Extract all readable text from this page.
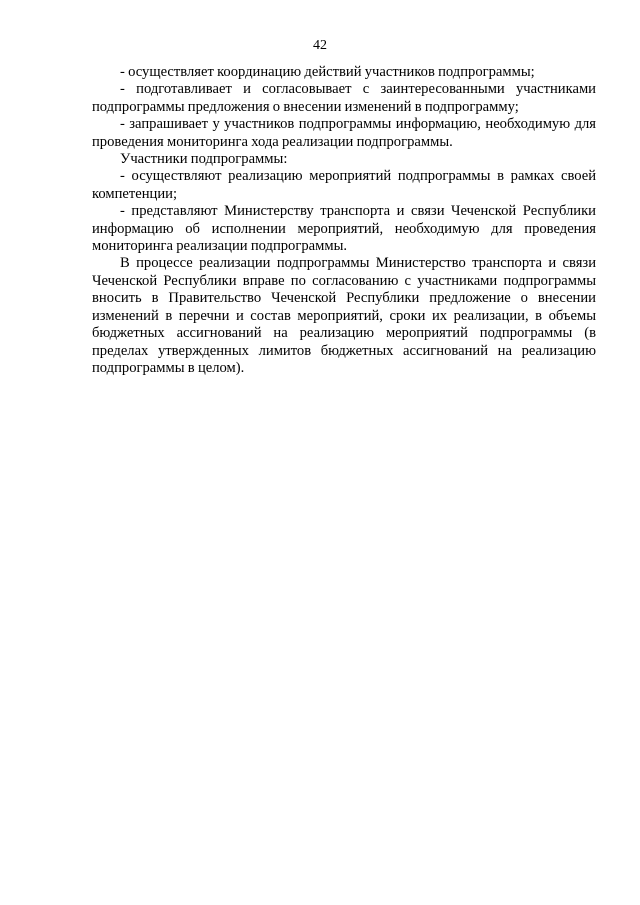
42

- осуществляет координацию действий участников подпрограммы;

- подготавливает и согласовывает с заинтересованными участниками подпрограммы предложения о внесении изменений в подпрограмму;

- запрашивает у участников подпрограммы информацию, необходимую для проведения мониторинга хода реализации подпрограммы.

Участники подпрограммы:

- осуществляют реализацию мероприятий подпрограммы в рамках своей компетенции;

- представляют Министерству транспорта и связи Чеченской Республики информацию об исполнении мероприятий, необходимую для проведения мониторинга реализации подпрограммы.

В процессе реализации подпрограммы Министерство транспорта и связи Чеченской Республики вправе по согласованию с участниками подпрограммы вносить в Правительство Чеченской Республики предложение о внесении изменений в перечни и состав мероприятий, сроки их реализации, в объемы бюджетных ассигнований на реализацию мероприятий подпрограммы (в пределах утвержденных лимитов бюджетных ассигнований на реализацию подпрограммы в целом).
